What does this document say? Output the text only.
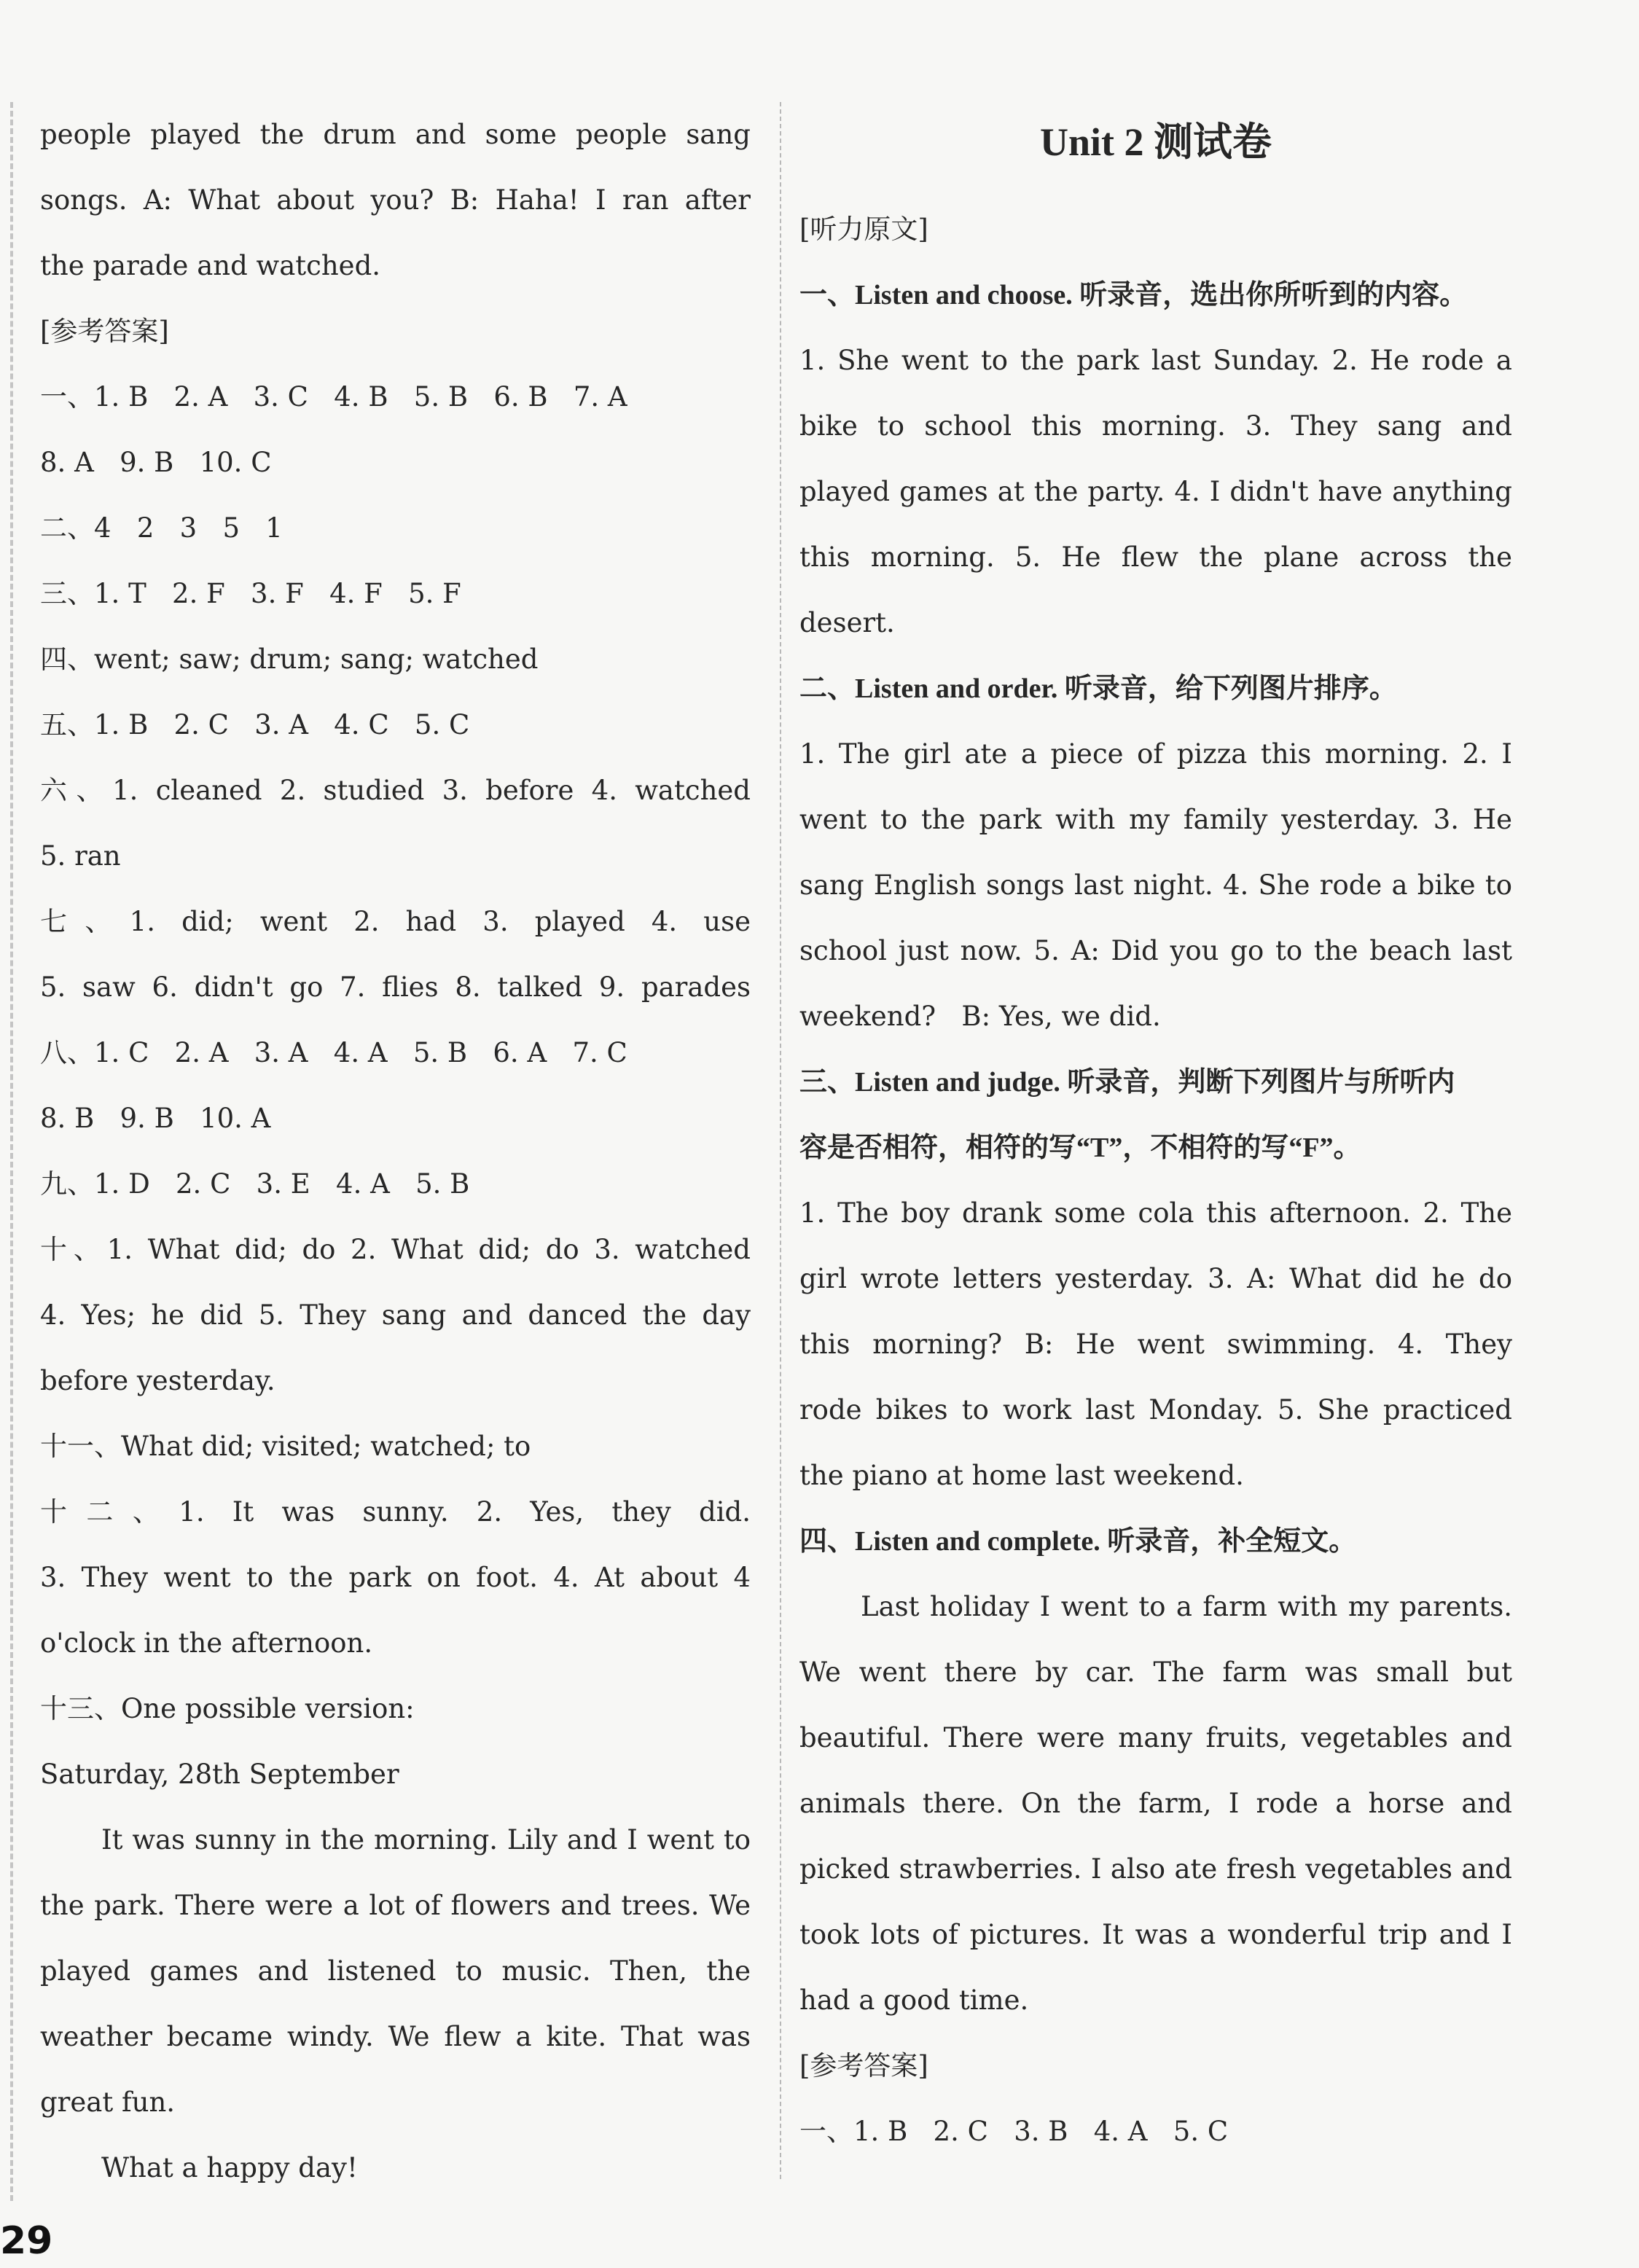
people played the drum and some people sang
songs. A: What about you? B: Haha! I ran after
the parade and watched.
[参考答案]
一、1. B   2. A   3. C   4. B   5. B   6. B   7. A
8. A   9. B   10. C
二、4   2   3   5   1
三、1. T   2. F   3. F   4. F   5. F
四、went; saw; drum; sang; watched
五、1. B   2. C   3. A   4. C   5. C
六、1. cleaned 2. studied 3. before 4. watched
5. ran
七、1. did; went 2. had 3. played 4. use
5. saw 6. didn't go 7. flies 8. talked 9. parades
八、1. C   2. A   3. A   4. A   5. B   6. A   7. C
8. B   9. B   10. A
九、1. D   2. C   3. E   4. A   5. B
十、1. What did; do 2. What did; do 3. watched
4. Yes; he did 5. They sang and danced the day
before yesterday.
十一、What did; visited; watched; to
十二、1. It was sunny. 2. Yes, they did.
3. They went to the park on foot. 4. At about 4
o'clock in the afternoon.
十三、One possible version:
Saturday, 28th September
It was sunny in the morning. Lily and I went to
the park. There were a lot of flowers and trees. We
played games and listened to music. Then, the
weather became windy. We flew a kite. That was
great fun.
What a happy day!
Unit 2 测试卷
[听力原文]
一、Listen and choose. 听录音，选出你所听到的内容。
1. She went to the park last Sunday. 2. He rode a
bike to school this morning. 3. They sang and
played games at the party. 4. I didn't have anything
this morning. 5. He flew the plane across the
desert.
二、Listen and order. 听录音，给下列图片排序。
1. The girl ate a piece of pizza this morning. 2. I
went to the park with my family yesterday. 3. He
sang English songs last night. 4. She rode a bike to
school just now. 5. A: Did you go to the beach last
weekend?   B: Yes, we did.
三、Listen and judge. 听录音，判断下列图片与所听内
容是否相符，相符的写“T”，不相符的写“F”。
1. The boy drank some cola this afternoon. 2. The
girl wrote letters yesterday. 3. A: What did he do
this morning? B: He went swimming. 4. They
rode bikes to work last Monday. 5. She practiced
the piano at home last weekend.
四、Listen and complete. 听录音，补全短文。
Last holiday I went to a farm with my parents.
We went there by car. The farm was small but
beautiful. There were many fruits, vegetables and
animals there. On the farm, I rode a horse and
picked strawberries. I also ate fresh vegetables and
took lots of pictures. It was a wonderful trip and I
had a good time.
[参考答案]
一、1. B   2. C   3. B   4. A   5. C
29
